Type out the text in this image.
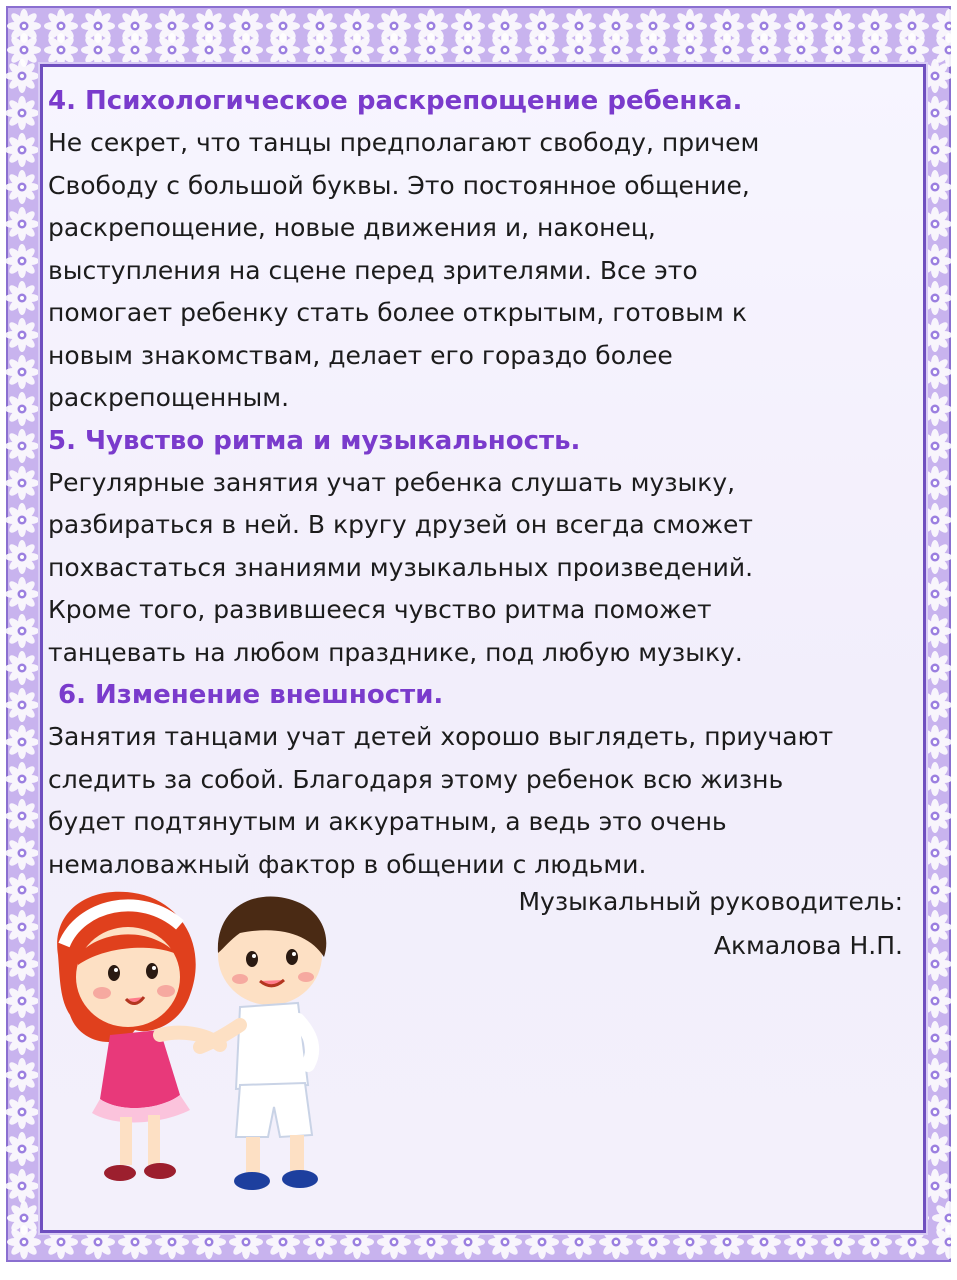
4. Психологическое раскрепощение ребенка.

Не секрет, что танцы предполагают свободу, причем
Свободу с большой буквы. Это постоянное общение,
раскрепощение, новые движения и, наконец,
выступления на сцене перед зрителями. Все это
помогает ребенку стать более открытым, готовым к
новым знакомствам, делает его гораздо более
раскрепощенным.

5. Чувство ритма и музыкальность.

Регулярные занятия учат ребенка слушать музыку,
разбираться в ней. В кругу друзей он всегда сможет
похвастаться знаниями музыкальных произведений.
Кроме того, развившееся чувство ритма поможет
танцевать на любом празднике, под любую музыку.

6. Изменение внешности.

Занятия танцами учат детей хорошо выглядеть, приучают
следить за собой. Благодаря этому ребенок всю жизнь
будет подтянутым и аккуратным, а ведь это очень
немаловажный фактор в общении с людьми.

Музыкальный руководитель:
Акмалова Н.П.
